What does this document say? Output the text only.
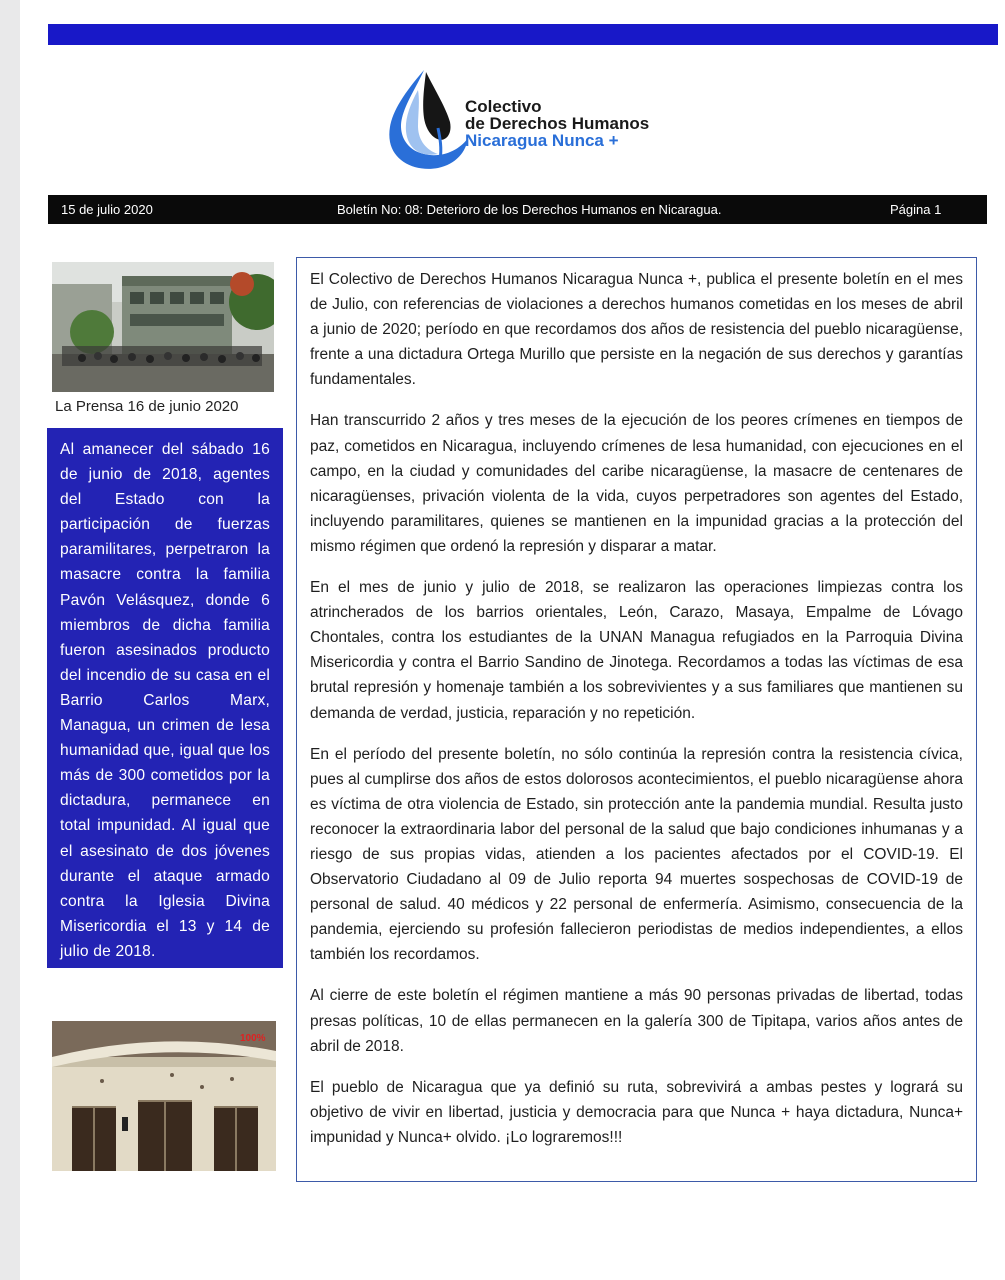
Colectivo
de Derechos Humanos
Nicaragua Nunca +
15 de julio 2020	Boletín No: 08: Deterioro de los Derechos Humanos en Nicaragua.	Página 1
La Prensa 16 de junio 2020

Al amanecer del sábado 16 de junio de 2018, agentes del Estado con la participación de fuerzas paramilitares, perpetraron la masacre contra la familia Pavón Velásquez, donde 6 miembros de dicha familia fueron asesinados producto del incendio de su casa en el Barrio Carlos Marx, Managua, un crimen de lesa humanidad que, igual que los más de 300 cometidos por la dictadura, permanece en total impunidad. Al igual que el asesinato de dos jóvenes durante el ataque armado contra la Iglesia Divina Misericordia el 13 y 14 de julio de 2018.

100%

El Colectivo de Derechos Humanos Nicaragua Nunca +, publica el presente boletín en el mes de Julio, con referencias de violaciones a derechos humanos cometidas en los meses de abril a junio de 2020; período en que recordamos dos años de resistencia del pueblo nicaragüense, frente a una dictadura Ortega Murillo que persiste en la negación de sus derechos y garantías fundamentales.

Han transcurrido 2 años y tres meses de la ejecución de los peores crímenes en tiempos de paz, cometidos en Nicaragua, incluyendo crímenes de lesa humanidad, con ejecuciones en el campo, en la ciudad y comunidades del caribe nicaragüense, la masacre de centenares de nicaragüenses, privación violenta de la vida, cuyos perpetradores son agentes del Estado, incluyendo paramilitares, quienes se mantienen en la impunidad gracias a la protección del mismo régimen que ordenó la represión y disparar a matar.

En el mes de junio y julio de 2018, se realizaron las operaciones limpiezas contra los atrincherados de los barrios orientales, León, Carazo, Masaya, Empalme de Lóvago Chontales, contra los estudiantes de la UNAN Managua refugiados en la Parroquia Divina Misericordia y contra el Barrio Sandino de Jinotega. Recordamos a todas las víctimas de esa brutal represión y homenaje también a los sobrevivientes y a sus familiares que mantienen su demanda de verdad, justicia, reparación y no repetición.

En el período del presente boletín, no sólo continúa la represión contra la resistencia cívica, pues al cumplirse dos años de estos dolorosos acontecimientos, el pueblo nicaragüense ahora es víctima de otra violencia de Estado, sin protección ante la pandemia mundial. Resulta justo reconocer la extraordinaria labor del personal de la salud que bajo condiciones inhumanas y a riesgo de sus propias vidas, atienden a los pacientes afectados por el COVID-19. El Observatorio Ciudadano al 09 de Julio reporta 94 muertes sospechosas de COVID-19 de personal de salud. 40 médicos y 22 personal de enfermería. Asimismo, consecuencia de la pandemia, ejerciendo su profesión fallecieron periodistas de medios independientes, a ellos también los recordamos.

Al cierre de este boletín el régimen mantiene a más 90 personas privadas de libertad, todas presas políticas, 10 de ellas permanecen en la galería 300 de Tipitapa, varios años antes de abril de 2018.

El pueblo de Nicaragua que ya definió su ruta, sobrevivirá a ambas pestes y logrará su objetivo de vivir en libertad, justicia y democracia para que Nunca + haya dictadura, Nunca+ impunidad y Nunca+ olvido. ¡Lo lograremos!!!
